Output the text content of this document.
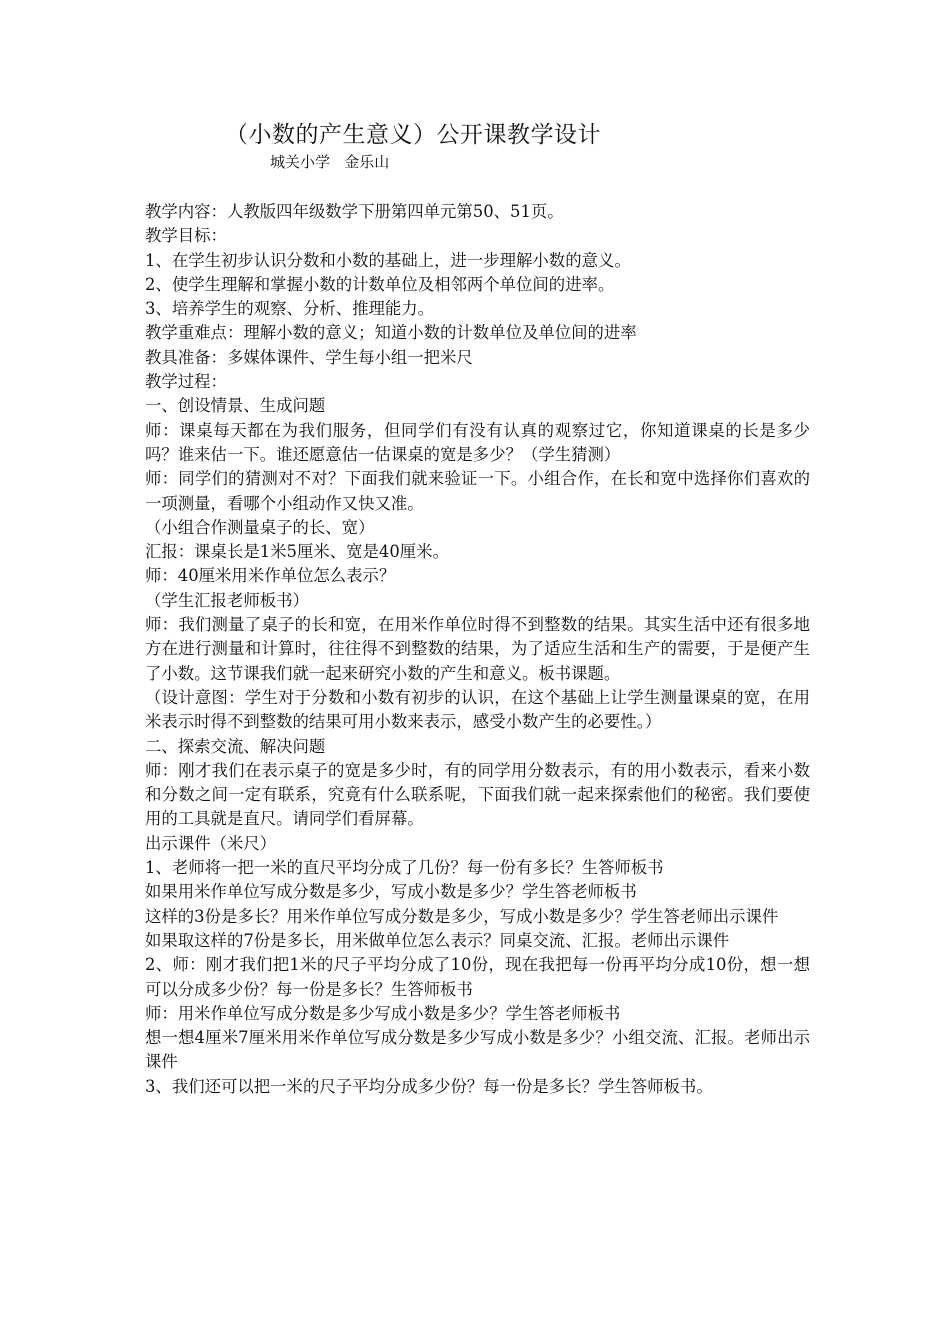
（小数的产生意义）公开课教学设计
城关小学   金乐山

教学内容：人教版四年级数学下册第四单元第50、51页。

教学目标：

1、在学生初步认识分数和小数的基础上，进一步理解小数的意义。

2、使学生理解和掌握小数的计数单位及相邻两个单位间的进率。

3、培养学生的观察、分析、推理能力。

教学重难点：理解小数的意义；知道小数的计数单位及单位间的进率

教具准备：多媒体课件、学生每小组一把米尺

教学过程：

一、创设情景、生成问题

师：课桌每天都在为我们服务，但同学们有没有认真的观察过它，你知道课桌的长是多少吗？谁来估一下。谁还愿意估一估课桌的宽是多少？（学生猜测）

师：同学们的猜测对不对？下面我们就来验证一下。小组合作，在长和宽中选择你们喜欢的一项测量，看哪个小组动作又快又准。

（小组合作测量桌子的长、宽）

汇报：课桌长是1米5厘米、宽是40厘米。

师：40厘米用米作单位怎么表示？

（学生汇报老师板书）

师：我们测量了桌子的长和宽，在用米作单位时得不到整数的结果。其实生活中还有很多地方在进行测量和计算时，往往得不到整数的结果，为了适应生活和生产的需要，于是便产生了小数。这节课我们就一起来研究小数的产生和意义。板书课题。

（设计意图：学生对于分数和小数有初步的认识，在这个基础上让学生测量课桌的宽，在用米表示时得不到整数的结果可用小数来表示，感受小数产生的必要性。）

二、探索交流、解决问题

师：刚才我们在表示桌子的宽是多少时，有的同学用分数表示，有的用小数表示，看来小数和分数之间一定有联系，究竟有什么联系呢，下面我们就一起来探索他们的秘密。我们要使用的工具就是直尺。请同学们看屏幕。

出示课件（米尺）

1、老师将一把一米的直尺平均分成了几份？每一份有多长？生答师板书

如果用米作单位写成分数是多少，写成小数是多少？学生答老师板书

这样的3份是多长？用米作单位写成分数是多少，写成小数是多少？学生答老师出示课件

如果取这样的7份是多长，用米做单位怎么表示？同桌交流、汇报。老师出示课件

2、师：刚才我们把1米的尺子平均分成了10份，现在我把每一份再平均分成10份，想一想可以分成多少份？每一份是多长？生答师板书

师：用米作单位写成分数是多少写成小数是多少？学生答老师板书

想一想4厘米7厘米用米作单位写成分数是多少写成小数是多少？小组交流、汇报。老师出示课件

3、我们还可以把一米的尺子平均分成多少份？每一份是多长？学生答师板书。
